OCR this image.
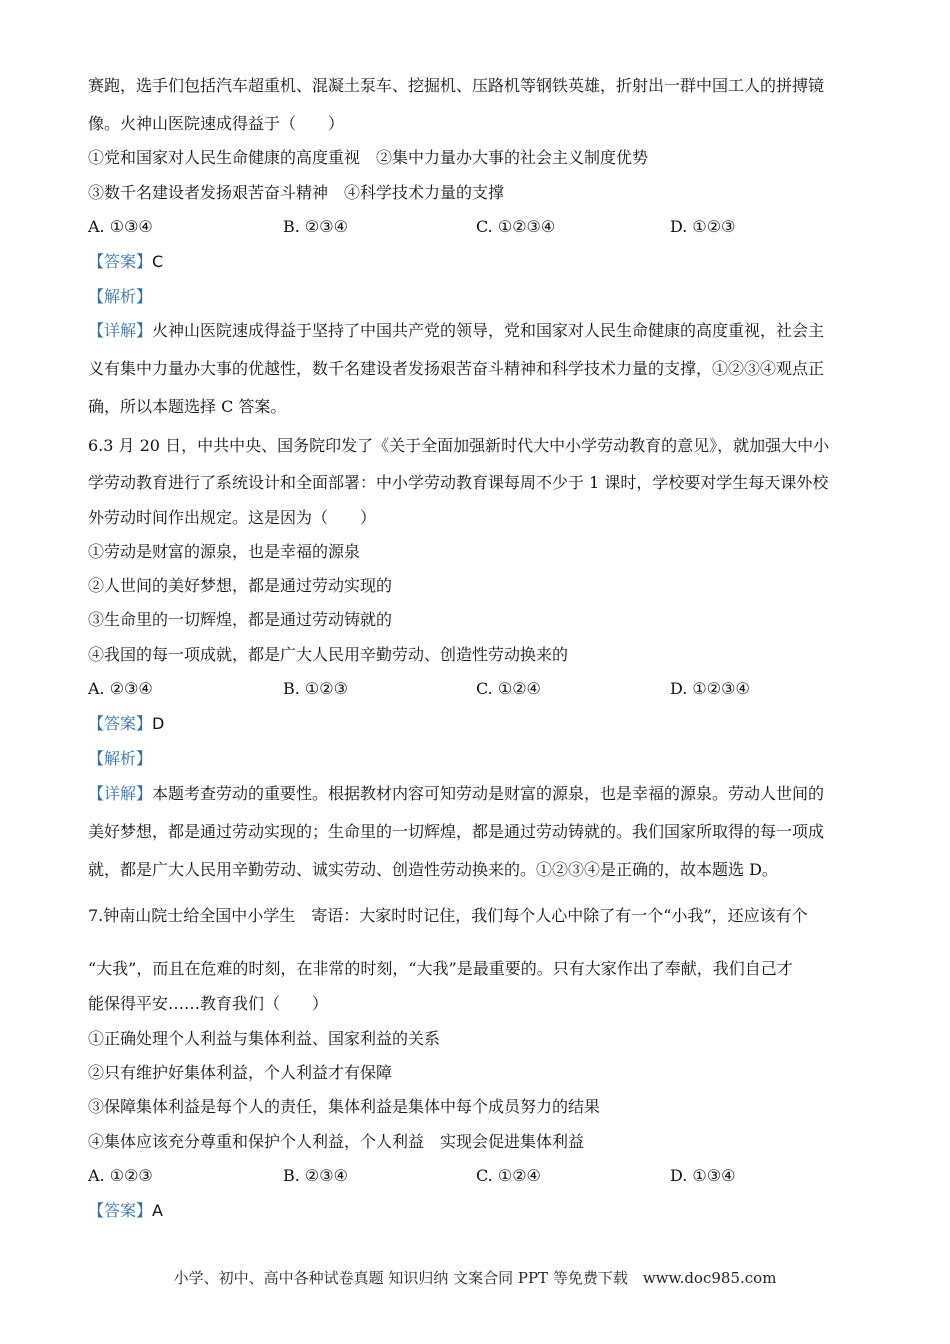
赛跑，选手们包括汽车超重机、混凝土泵车、挖掘机、压路机等钢铁英雄，折射出一群中国工人的拼搏镜
像。火神山医院速成得益于（　　）
①党和国家对人民生命健康的高度重视　②集中力量办大事的社会主义制度优势
③数千名建设者发扬艰苦奋斗精神　④科学技术力量的支撑
A. ①③④	B. ②③④	C. ①②③④	D. ①②③
【答案】C
【解析】
【详解】火神山医院速成得益于坚持了中国共产党的领导，党和国家对人民生命健康的高度重视，社会主
义有集中力量办大事的优越性，数千名建设者发扬艰苦奋斗精神和科学技术力量的支撑，①②③④观点正
确，所以本题选择 C 答案。
6.3 月 20 日，中共中央、国务院印发了《关于全面加强新时代大中小学劳动教育的意见》，就加强大中小
学劳动教育进行了系统设计和全面部署：中小学劳动教育课每周不少于 1 课时，学校要对学生每天课外校
外劳动时间作出规定。这是因为（　　）
①劳动是财富的源泉，也是幸福的源泉
②人世间的美好梦想，都是通过劳动实现的
③生命里的一切辉煌，都是通过劳动铸就的
④我国的每一项成就，都是广大人民用辛勤劳动、创造性劳动换来的
A. ②③④	B. ①②③	C. ①②④	D. ①②③④
【答案】D
【解析】
【详解】本题考查劳动的重要性。根据教材内容可知劳动是财富的源泉，也是幸福的源泉。劳动人世间的
美好梦想，都是通过劳动实现的；生命里的一切辉煌，都是通过劳动铸就的。我们国家所取得的每一项成
就，都是广大人民用辛勤劳动、诚实劳动、创造性劳动换来的。①②③④是正确的，故本题选 D。
7.钟南山院士给全国中小学生　寄语：大家时时记住，我们每个人心中除了有一个“小我”，还应该有个
“大我”，而且在危难的时刻，在非常的时刻，“大我”是最重要的。只有大家作出了奉献，我们自己才
能保得平安……教育我们（　　）
①正确处理个人利益与集体利益、国家利益的关系
②只有维护好集体利益，个人利益才有保障
③保障集体利益是每个人的责任，集体利益是集体中每个成员努力的结果
④集体应该充分尊重和保护个人利益，个人利益　实现会促进集体利益
A. ①②③	B. ②③④	C. ①②④	D. ①③④
【答案】A
小学、初中、高中各种试卷真题 知识归纳 文案合同 PPT 等免费下载　www.doc985.com
